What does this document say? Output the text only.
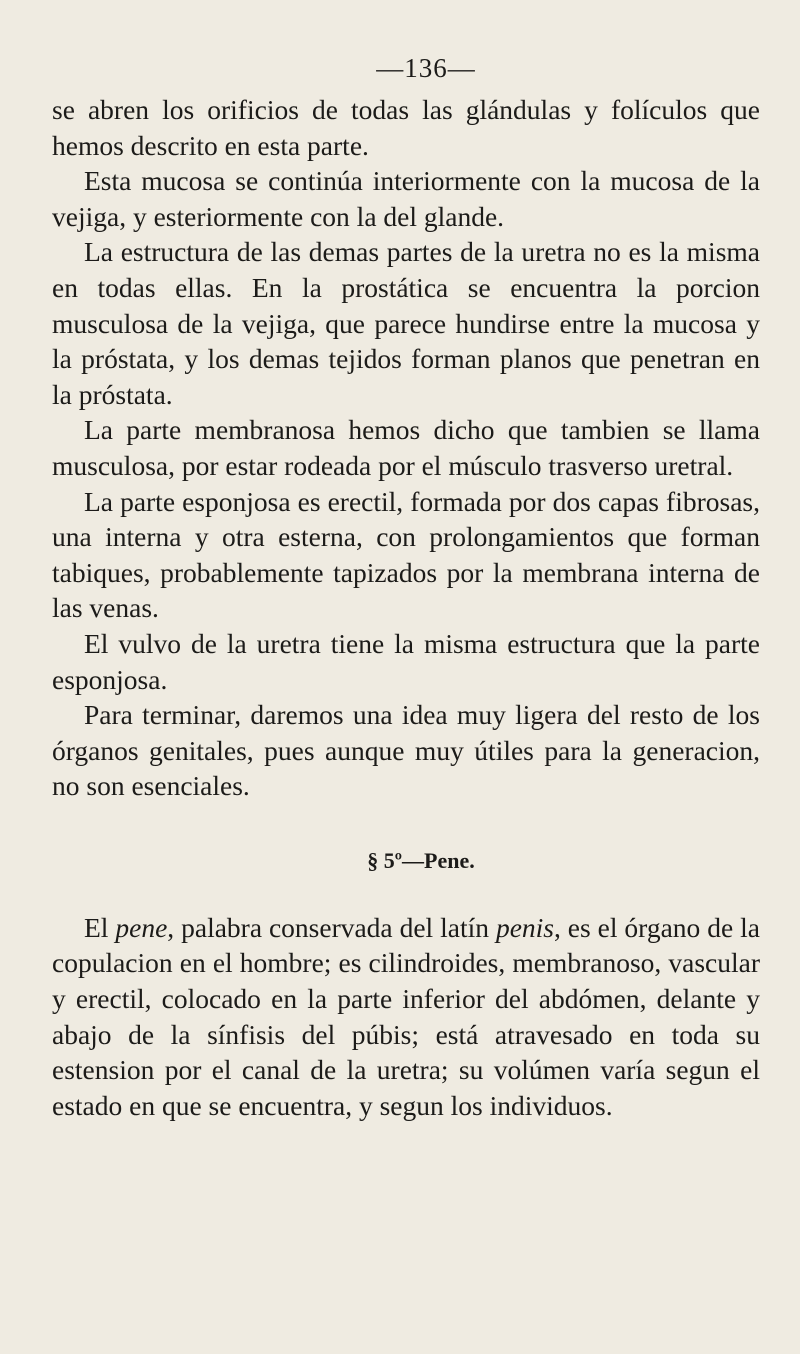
—136—

se abren los orificios de todas las glándulas y folículos que hemos descrito en esta parte.

Esta mucosa se continúa interiormente con la mucosa de la vejiga, y esteriormente con la del glande.

La estructura de las demas partes de la uretra no es la misma en todas ellas. En la prostática se encuentra la porcion musculosa de la vejiga, que parece hundirse entre la mucosa y la próstata, y los demas tejidos forman planos que penetran en la próstata.

La parte membranosa hemos dicho que tambien se llama musculosa, por estar rodeada por el músculo trasverso uretral.

La parte esponjosa es erectil, formada por dos capas fibrosas, una interna y otra esterna, con prolongamientos que forman tabiques, probablemente tapizados por la membrana interna de las venas.

El vulvo de la uretra tiene la misma estructura que la parte esponjosa.

Para terminar, daremos una idea muy ligera del resto de los órganos genitales, pues aunque muy útiles para la generacion, no son esenciales.

§ 5º—Pene.

El pene, palabra conservada del latín penis, es el órgano de la copulacion en el hombre; es cilindroides, membranoso, vascular y erectil, colocado en la parte inferior del abdómen, delante y abajo de la sínfisis del púbis; está atravesado en toda su estension por el canal de la uretra; su volúmen varía segun el estado en que se encuentra, y segun los individuos.
